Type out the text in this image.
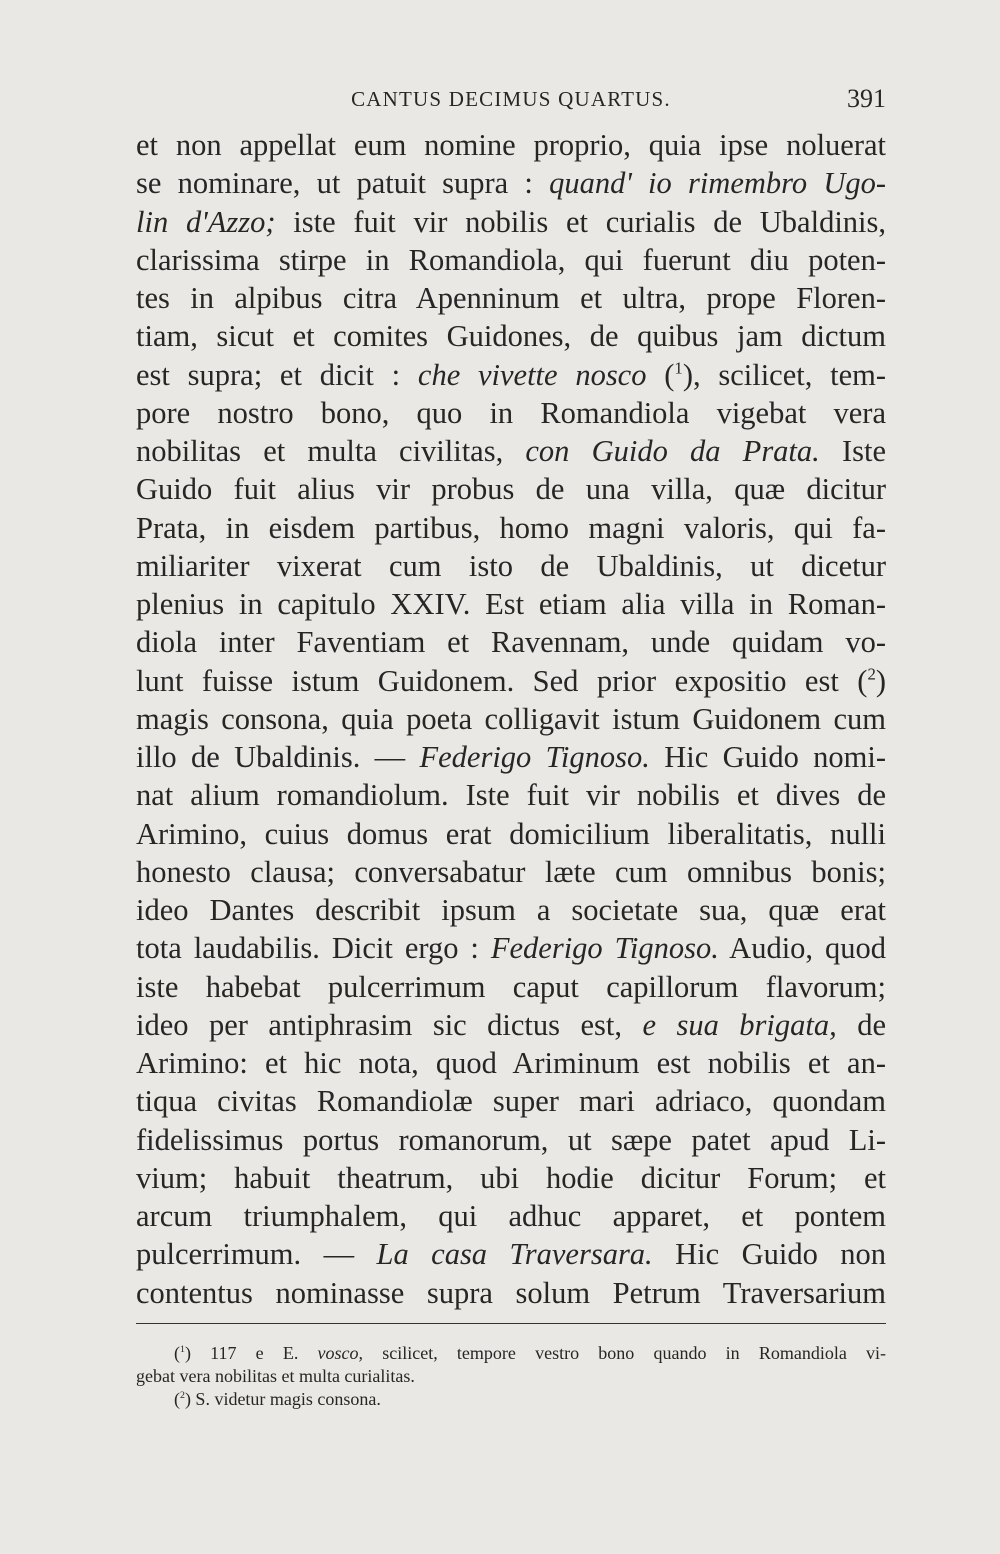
CANTUS DECIMUS QUARTUS.	391
et non appellat eum nomine proprio, quia ipse noluerat
se nominare, ut patuit supra : quand' io rimembro Ugo-
lin d'Azzo; iste fuit vir nobilis et curialis de Ubaldinis,
clarissima stirpe in Romandiola, qui fuerunt diu poten-
tes in alpibus citra Apenninum et ultra, prope Floren-
tiam, sicut et comites Guidones, de quibus jam dictum
est supra; et dicit : che vivette nosco ($^1$), scilicet, tem-
pore nostro bono, quo in Romandiola vigebat vera
nobilitas et multa civilitas, con Guido da Prata. Iste
Guido fuit alius vir probus de una villa, quæ dicitur
Prata, in eisdem partibus, homo magni valoris, qui fa-
miliariter vixerat cum isto de Ubaldinis, ut dicetur
plenius in capitulo XXIV. Est etiam alia villa in Roman-
diola inter Faventiam et Ravennam, unde quidam vo-
lunt fuisse istum Guidonem. Sed prior expositio est ($^2$)
magis consona, quia poeta colligavit istum Guidonem cum
illo de Ubaldinis. — Federigo Tignoso. Hic Guido nomi-
nat alium romandiolum. Iste fuit vir nobilis et dives de
Arimino, cuius domus erat domicilium liberalitatis, nulli
honesto clausa; conversabatur læte cum omnibus bonis;
ideo Dantes describit ipsum a societate sua, quæ erat
tota laudabilis. Dicit ergo : Federigo Tignoso. Audio, quod
iste habebat pulcerrimum caput capillorum flavorum;
ideo per antiphrasim sic dictus est, e sua brigata, de
Arimino: et hic nota, quod Ariminum est nobilis et an-
tiqua civitas Romandiolæ super mari adriaco, quondam
fidelissimus portus romanorum, ut sæpe patet apud Li-
vium; habuit theatrum, ubi hodie dicitur Forum; et
arcum triumphalem, qui adhuc apparet, et pontem
pulcerrimum. — La casa Traversara. Hic Guido non
contentus nominasse supra solum Petrum Traversarium
($^1$) 117 e E. vosco, scilicet, tempore vestro bono quando in Romandiola vi-
gebat vera nobilitas et multa curialitas.
($^2$) S. videtur magis consona.
